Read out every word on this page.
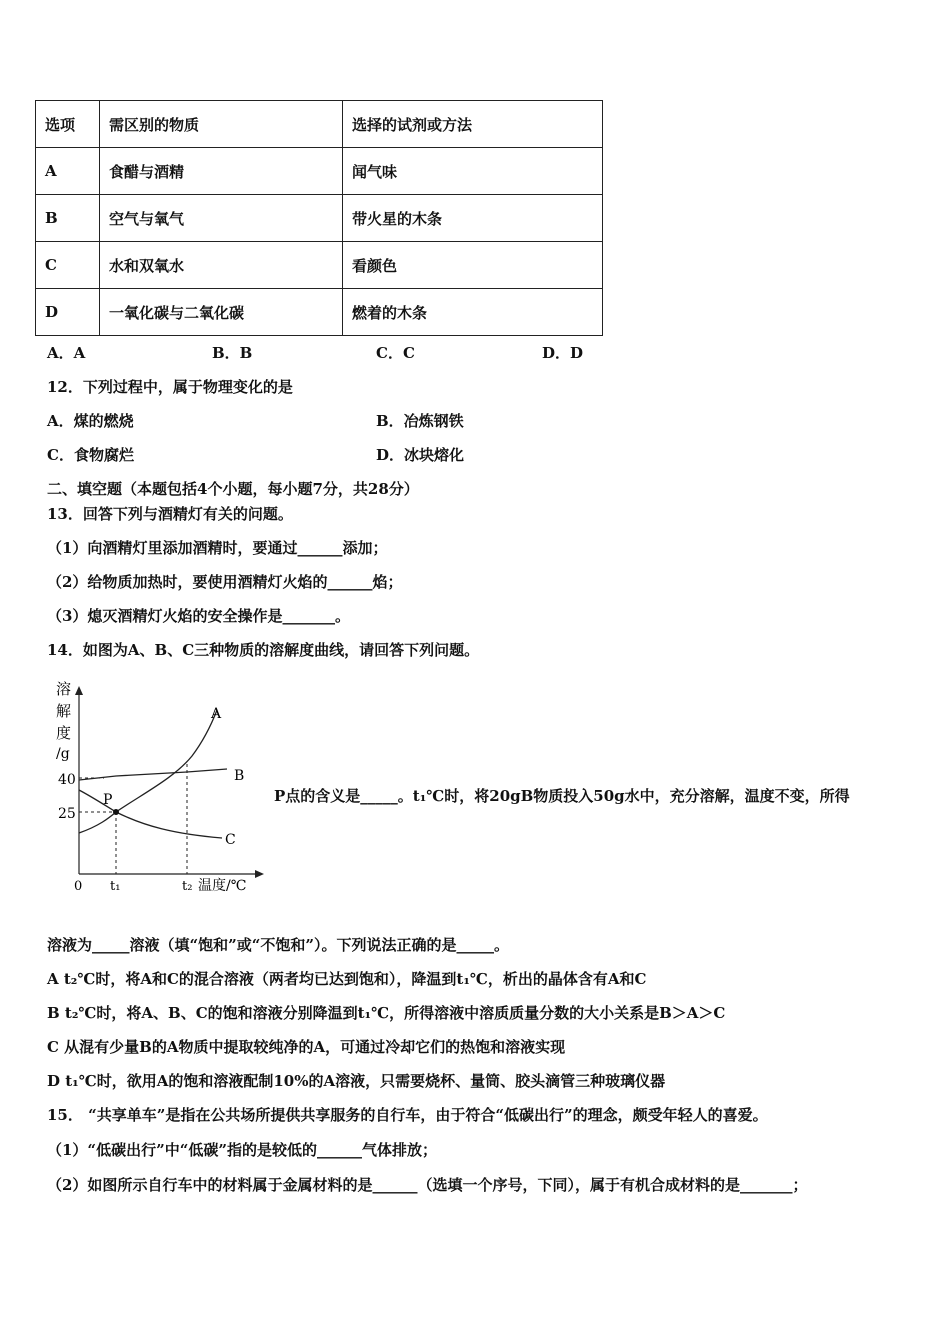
选项	需区别的物质	选择的试剂或方法
A	食醋与酒精	闻气味
B	空气与氧气	带火星的木条
C	水和双氧水	看颜色
D	一氧化碳与二氧化碳	燃着的木条
A．A	B．B	C．C	D．D
12．下列过程中，属于物理变化的是
A．煤的燃烧	B．冶炼钢铁
C．食物腐烂	D．冰块熔化
二、填空题（本题包括4个小题，每小题7分，共28分）
13．回答下列与酒精灯有关的问题。
（1）向酒精灯里添加酒精时，要通过______添加；
（2）给物质加热时，要使用酒精灯火焰的______焰；
（3）熄灭酒精灯火焰的安全操作是_______。
14．如图为A、B、C三种物质的溶解度曲线，请回答下列问题。
溶
解
度
/g
40
25
0 t₁	t₂ 温度/℃
A
B
C
P	P点的含义是_____。t₁℃时，将20gB物质投入50g水中，充分溶解，温度不变，所得
溶液为_____溶液（填“饱和”或“不饱和”）。下列说法正确的是_____。
A t₂℃时，将A和C的混合溶液（两者均已达到饱和），降温到t₁℃，析出的晶体含有A和C
B t₂℃时，将A、B、C的饱和溶液分别降温到t₁℃，所得溶液中溶质质量分数的大小关系是B＞A＞C
C 从混有少量B的A物质中提取较纯净的A，可通过冷却它们的热饱和溶液实现
D t₁℃时，欲用A的饱和溶液配制10%的A溶液，只需要烧杯、量筒、胶头滴管三种玻璃仪器
15． “共享单车”是指在公共场所提供共享服务的自行车，由于符合“低碳出行”的理念，颇受年轻人的喜爱。
（1）“低碳出行”中“低碳”指的是较低的______气体排放；
（2）如图所示自行车中的材料属于金属材料的是______（选填一个序号，下同），属于有机合成材料的是_______；
